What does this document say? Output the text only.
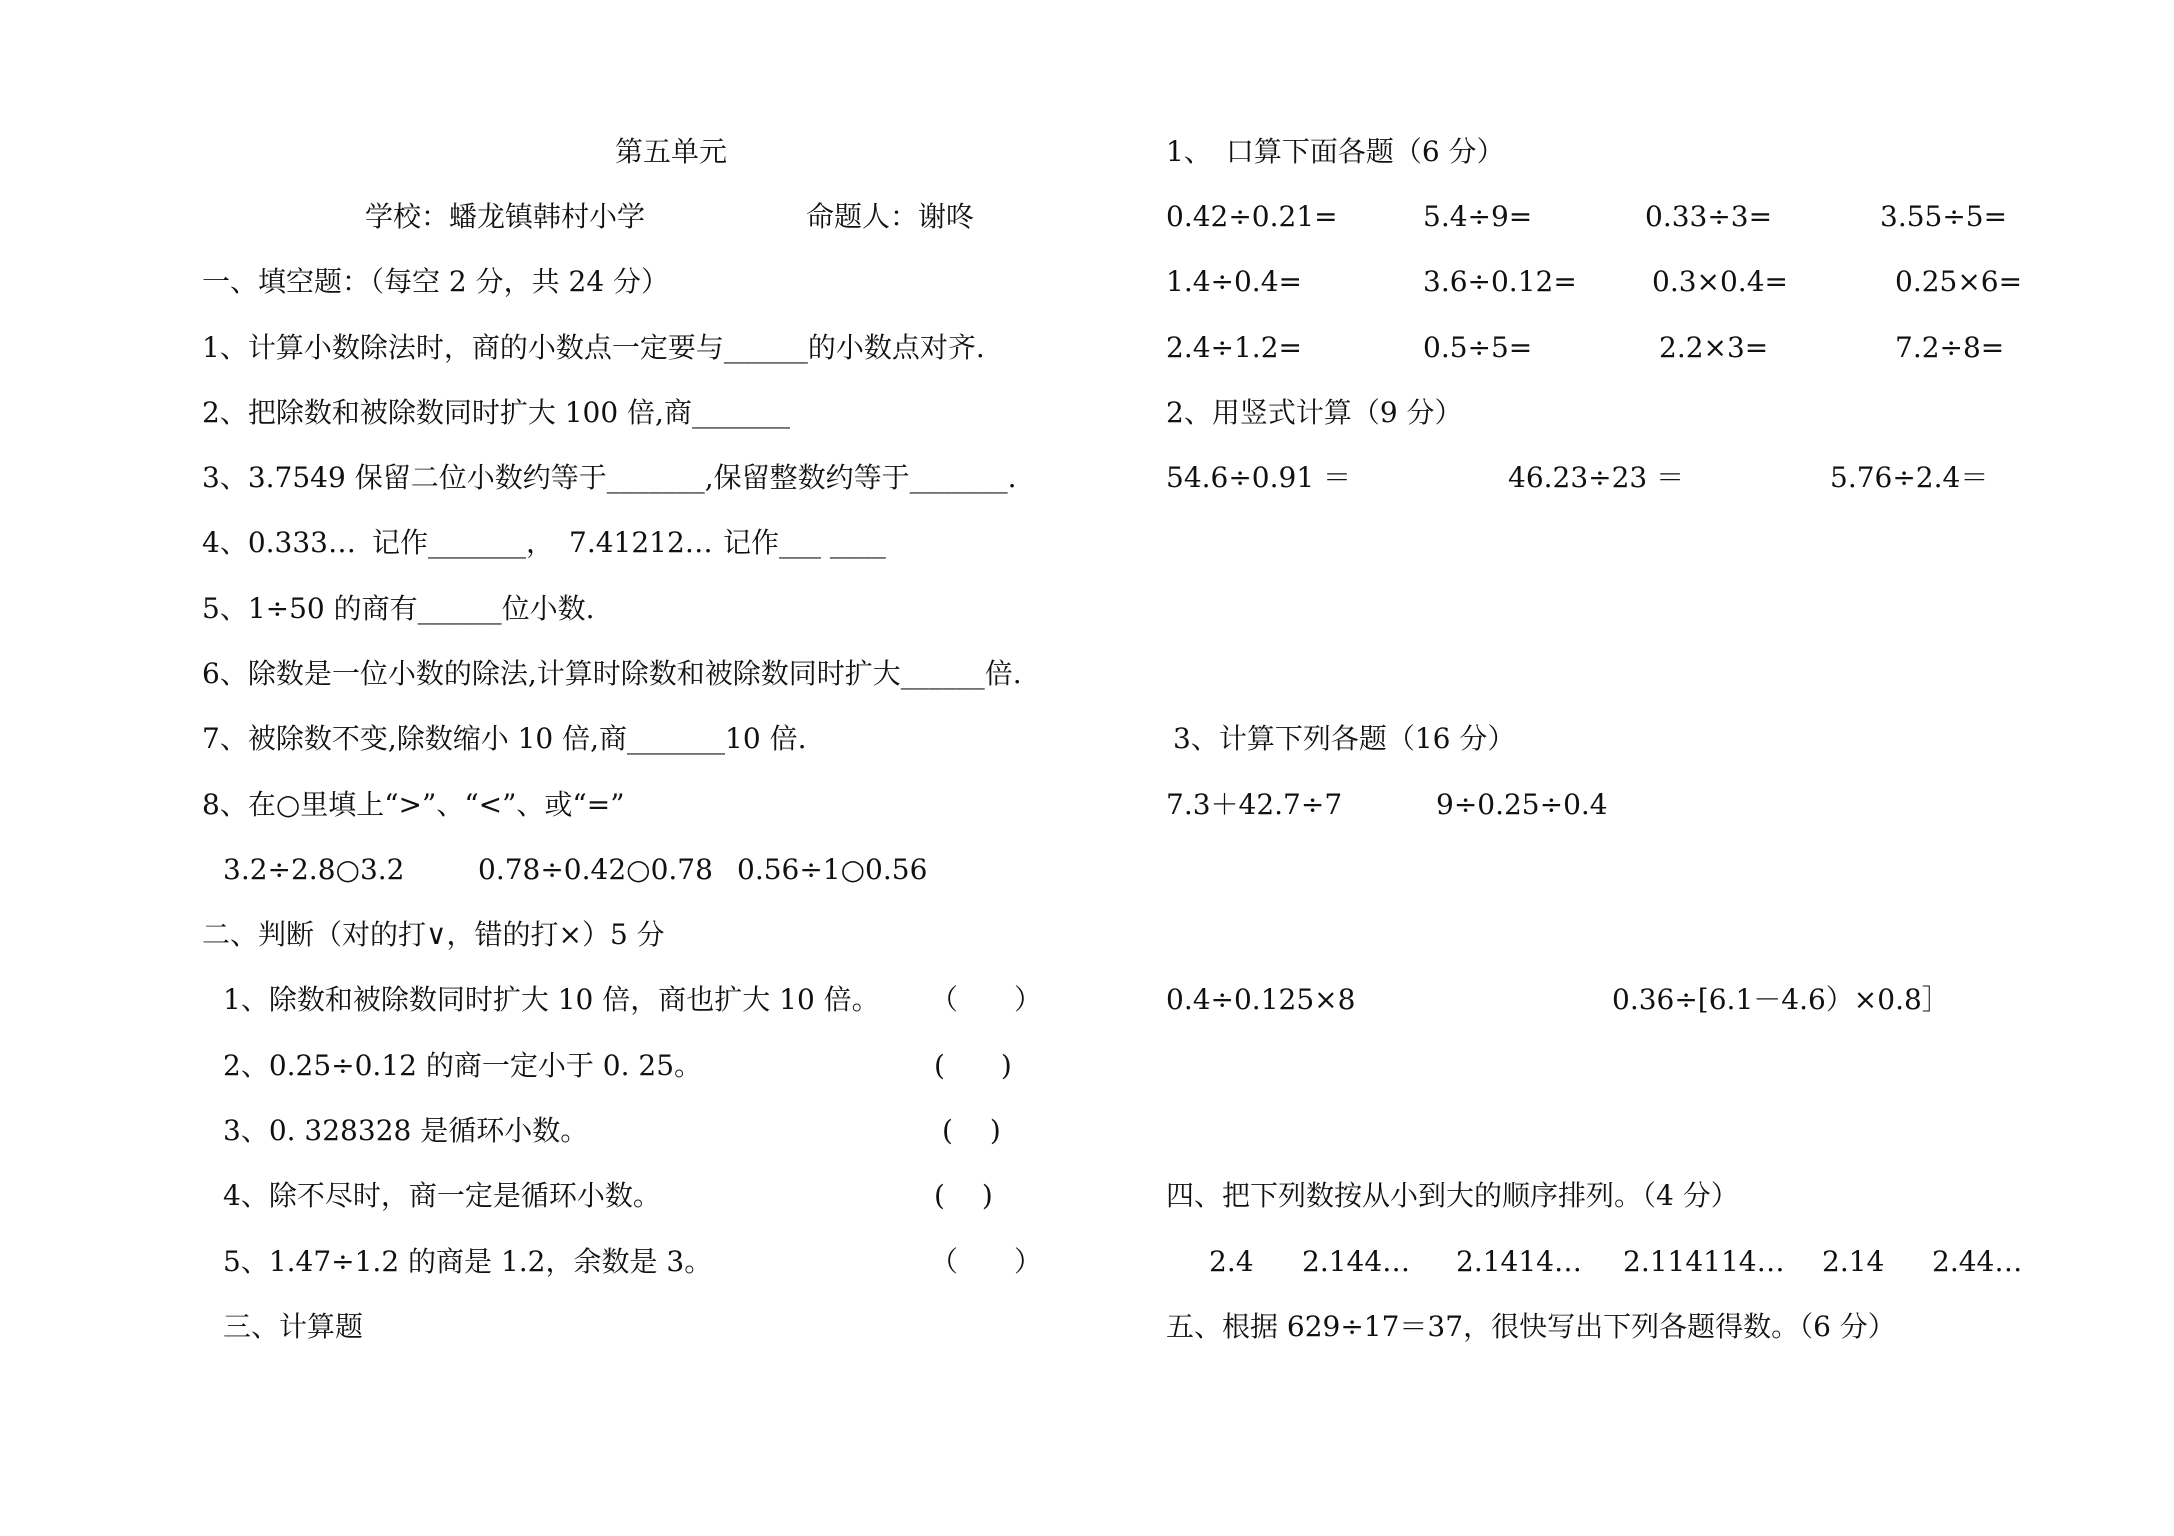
第五单元
学校：蟠龙镇韩村小学	命题人：谢咚
一、填空题：（每空 2 分，共 24 分）
1、计算小数除法时，商的小数点一定要与______的小数点对齐.
2、把除数和被除数同时扩大 100 倍,商_______
3、3.7549 保留二位小数约等于_______,保留整数约等于_______.
4、0.333… 记作_______， 7.41212… 记作___ ____
5、1÷50 的商有______位小数.
6、除数是一位小数的除法,计算时除数和被除数同时扩大______倍.
7、被除数不变,除数缩小 10 倍,商_______10 倍.
8、在○里填上“>”、“<”、或“=”
3.2÷2.8○3.2	0.78÷0.42○0.78 0.56÷1○0.56
二、判断（对的打∨，错的打×）5 分
1、除数和被除数同时扩大 10 倍，商也扩大 10 倍。 （　　）
2、0.25÷0.12 的商一定小于 0. 25。	(　　)
3、0. 328328 是循环小数。	(　 )
4、除不尽时，商一定是循环小数。	(　 )
5、1.47÷1.2 的商是 1.2，余数是 3。	（　　）
三、计算题
1、　口算下面各题（6 分）
0.42÷0.21=	5.4÷9=	0.33÷3=	3.55÷5=
1.4÷0.4=	3.6÷0.12=	0.3×0.4=	0.25×6=
2.4÷1.2=	0.5÷5=	2.2×3=	7.2÷8=
2、用竖式计算（9 分）
54.6÷0.91 ＝	46.23÷23 ＝	5.76÷2.4＝
3、计算下列各题（16 分）
7.3＋42.7÷7	9÷0.25÷0.4
0.4÷0.125×8	0.36÷[6.1－4.6）×0.8］
四、把下列数按从小到大的顺序排列。（4 分）
2.4 2.144… 2.1414… 2.114114… 2.14 2.44…
五、根据 629÷17＝37，很快写出下列各题得数。（6 分）
